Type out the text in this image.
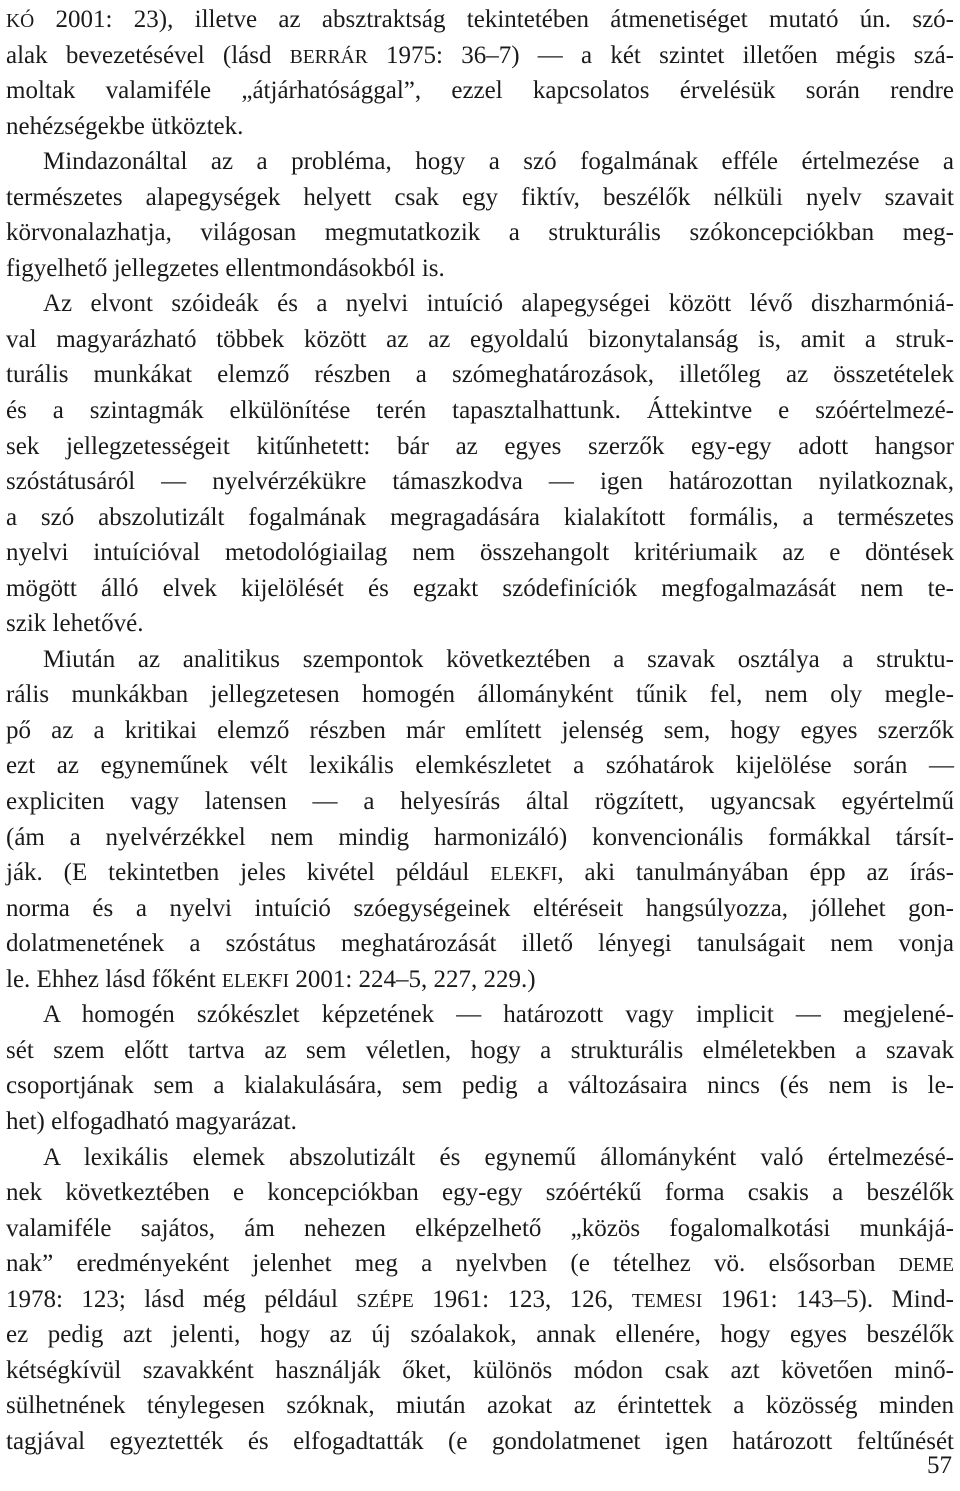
KÓ 2001: 23), illetve az absztraktság tekintetében átmenetiséget mutató ún. szó-
alak bevezetésével (lásd BERRÁR 1975: 36–7) — a két szintet illetően mégis szá-
moltak valamiféle „átjárhatósággal”, ezzel kapcsolatos érvelésük során rendre
nehézségekbe ütköztek.
Mindazonáltal az a probléma, hogy a szó fogalmának efféle értelmezése a
természetes alapegységek helyett csak egy fiktív, beszélők nélküli nyelv szavait
körvonalazhatja, világosan megmutatkozik a strukturális szókoncepciókban meg-
figyelhető jellegzetes ellentmondásokból is.
Az elvont szóideák és a nyelvi intuíció alapegységei között lévő diszharmóniá-
val magyarázható többek között az az egyoldalú bizonytalanság is, amit a struk-
turális munkákat elemző részben a szómeghatározások, illetőleg az összetételek
és a szintagmák elkülönítése terén tapasztalhattunk. Áttekintve e szóértelmezé-
sek jellegzetességeit kitűnhetett: bár az egyes szerzők egy-egy adott hangsor
szóstátusáról — nyelvérzékükre támaszkodva — igen határozottan nyilatkoznak,
a szó abszolutizált fogalmának megragadására kialakított formális, a természetes
nyelvi intuícióval metodológiailag nem összehangolt kritériumaik az e döntések
mögött álló elvek kijelölését és egzakt szódefiníciók megfogalmazását nem te-
szik lehetővé.
Miután az analitikus szempontok következtében a szavak osztálya a struktu-
rális munkákban jellegzetesen homogén állományként tűnik fel, nem oly megle-
pő az a kritikai elemző részben már említett jelenség sem, hogy egyes szerzők
ezt az egyneműnek vélt lexikális elemkészletet a szóhatárok kijelölése során —
expliciten vagy latensen — a helyesírás által rögzített, ugyancsak egyértelmű
(ám a nyelvérzékkel nem mindig harmonizáló) konvencionális formákkal társít-
ják. (E tekintetben jeles kivétel például ELEKFI, aki tanulmányában épp az írás-
norma és a nyelvi intuíció szóegységeinek eltéréseit hangsúlyozza, jóllehet gon-
dolatmenetének a szóstátus meghatározását illető lényegi tanulságait nem vonja
le. Ehhez lásd főként ELEKFI 2001: 224–5, 227, 229.)
A homogén szókészlet képzetének — határozott vagy implicit — megjelené-
sét szem előtt tartva az sem véletlen, hogy a strukturális elméletekben a szavak
csoportjának sem a kialakulására, sem pedig a változásaira nincs (és nem is le-
het) elfogadható magyarázat.
A lexikális elemek abszolutizált és egynemű állományként való értelmezésé-
nek következtében e koncepciókban egy-egy szóértékű forma csakis a beszélők
valamiféle sajátos, ám nehezen elképzelhető „közös fogalomalkotási munkájá-
nak” eredményeként jelenhet meg a nyelvben (e tételhez vö. elsősorban DEME
1978: 123; lásd még például SZÉPE 1961: 123, 126, TEMESI 1961: 143–5). Mind-
ez pedig azt jelenti, hogy az új szóalakok, annak ellenére, hogy egyes beszélők
kétségkívül szavakként használják őket, különös módon csak azt követően minő-
sülhetnének ténylegesen szóknak, miután azokat az érintettek a közösség minden
tagjával egyeztették és elfogadtatták (e gondolatmenet igen határozott feltűnését
57
